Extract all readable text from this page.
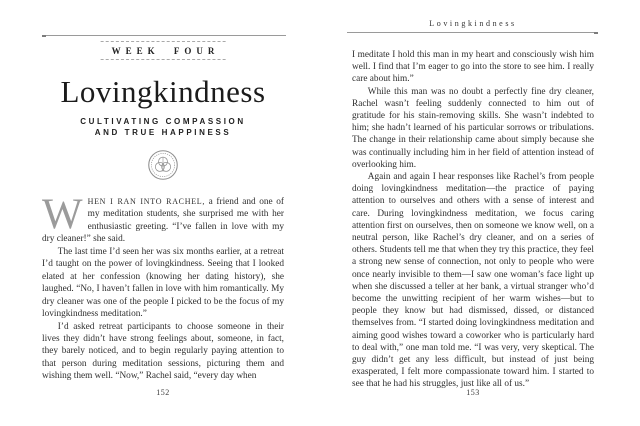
WEEK FOUR
Lovingkindness
CULTIVATING COMPASSION
AND TRUE HAPPINESS

WHEN I RAN INTO RACHEL, a friend and one of my meditation students, she surprised me with her enthusiastic greeting. “I’ve fallen in love with my dry cleaner!” she said.

The last time I’d seen her was six months earlier, at a retreat I’d taught on the power of lovingkindness. Seeing that I looked elated at her confession (knowing her dating history), she laughed. “No, I haven’t fallen in love with him romantically. My dry cleaner was one of the people I picked to be the focus of my lovingkindness meditation.”

I’d asked retreat participants to choose someone in their lives they didn’t have strong feelings about, someone, in fact, they barely noticed, and to begin regularly paying attention to that person during meditation sessions, picturing them and wishing them well. “Now,” Rachel said, “every day when

152
Lovingkindness

I meditate I hold this man in my heart and consciously wish him well. I find that I’m eager to go into the store to see him. I really care about him.”

While this man was no doubt a perfectly fine dry cleaner, Rachel wasn’t feeling suddenly connected to him out of gratitude for his stain-removing skills. She wasn’t indebted to him; she hadn’t learned of his particular sorrows or tribulations. The change in their relationship came about simply because she was continually including him in her field of attention instead of overlooking him.

Again and again I hear responses like Rachel’s from people doing lovingkindness meditation—the practice of paying attention to ourselves and others with a sense of interest and care. During lovingkindness meditation, we focus caring attention first on ourselves, then on someone we know well, on a neutral person, like Rachel’s dry cleaner, and on a series of others. Students tell me that when they try this practice, they feel a strong new sense of connection, not only to people who were once nearly invisible to them—I saw one woman’s face light up when she discussed a teller at her bank, a virtual stranger who’d become the unwitting recipient of her warm wishes—but to people they know but had dismissed, dissed, or distanced themselves from. “I started doing lovingkindness meditation and aiming good wishes toward a coworker who is particularly hard to deal with,” one man told me. “I was very, very skeptical. The guy didn’t get any less difficult, but instead of just being exasperated, I felt more compassionate toward him. I started to see that he had his struggles, just like all of us.”

153
